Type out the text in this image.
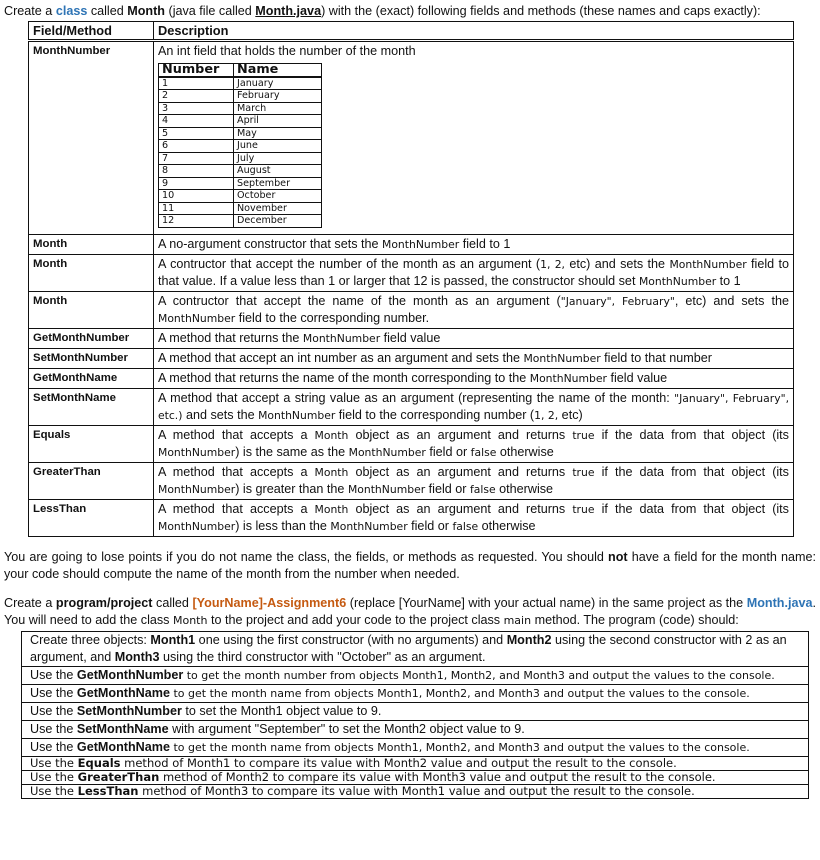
Create a class called Month (java file called Month.java) with the (exact) following fields and methods (these names and caps exactly):

Field/Method	Description
MonthNumber	An int field that holds the number of the month
Number	Name
1	January
2	February
3	March
4	April
5	May
6	June
7	July
8	August
9	September
10	October
11	November
12	December

Month	A no-argument constructor that sets the MonthNumber field to 1
Month	A contructor that accept the number of the month as an argument (1, 2, etc) and sets the MonthNumber field to that value. If a value less than 1 or larger that 12 is passed, the constructor should set MonthNumber to 1
Month	A contructor that accept the name of the month as an argument ("January", February", etc) and sets the MonthNumber field to the corresponding number.
GetMonthNumber	A method that returns the MonthNumber field value
SetMonthNumber	A method that accept an int number as an argument and sets the MonthNumber field to that number
GetMonthName	A method that returns the name of the month corresponding to the MonthNumber field value
SetMonthName	A method that accept a string value as an argument (representing the name of the month: "January", February", etc.) and sets the MonthNumber field to the corresponding number (1, 2, etc)
Equals	A method that accepts a Month object as an argument and returns true if the data from that object (its MonthNumber) is the same as the MonthNumber field or false otherwise
GreaterThan	A method that accepts a Month object as an argument and returns true if the data from that object (its MonthNumber) is greater than the MonthNumber field or false otherwise
LessThan	A method that accepts a Month object as an argument and returns true if the data from that object (its MonthNumber) is less than the MonthNumber field or false otherwise

You are going to lose points if you do not name the class, the fields, or methods as requested. You should not have a field for the month name: your code should compute the name of the month from the number when needed.

Create a program/project called [YourName]-Assignment6 (replace [YourName] with your actual name) in the same project as the Month.java. You will need to add the class Month to the project and add your code to the project class main method. The program (code) should:

Create three objects: Month1 one using the first constructor (with no arguments) and Month2 using the second constructor with 2 as an argument, and Month3 using the third constructor with "October" as an argument.
Use the GetMonthNumber to get the month number from objects Month1, Month2, and Month3 and output the values to the console.
Use the GetMonthName to get the month name from objects Month1, Month2, and Month3 and output the values to the console.
Use the SetMonthNumber to set the Month1 object value to 9.
Use the SetMonthName with argument "September" to set the Month2 object value to 9.
Use the GetMonthName to get the month name from objects Month1, Month2, and Month3 and output the values to the console.
Use the Equals method of Month1 to compare its value with Month2 value and output the result to the console.
Use the GreaterThan method of Month2 to compare its value with Month3 value and output the result to the console.
Use the LessThan method of Month3 to compare its value with Month1 value and output the result to the console.
